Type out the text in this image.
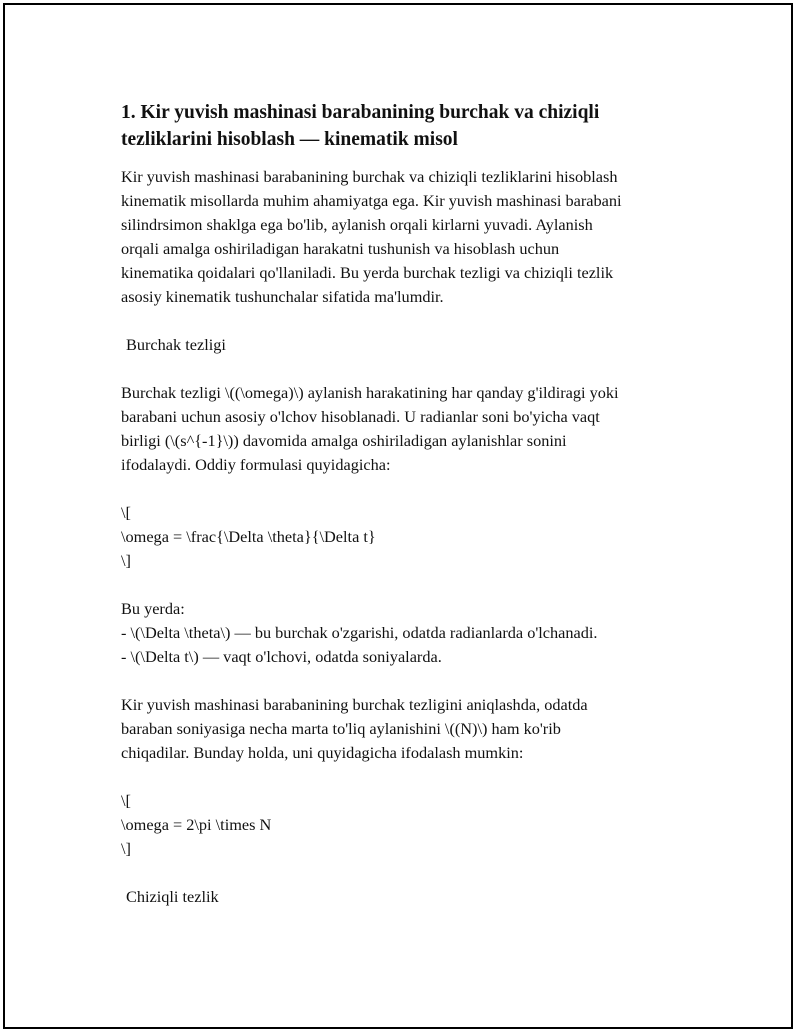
1. Kir yuvish mashinasi barabanining burchak va chiziqli
tezliklarini hisoblash — kinematik misol
Kir yuvish mashinasi barabanining burchak va chiziqli tezliklarini hisoblash
kinematik misollarda muhim ahamiyatga ega. Kir yuvish mashinasi barabani
silindrsimon shaklga ega bo'lib, aylanish orqali kirlarni yuvadi. Aylanish
orqali amalga oshiriladigan harakatni tushunish va hisoblash uchun
kinematika qoidalari qo'llaniladi. Bu yerda burchak tezligi va chiziqli tezlik
asosiy kinematik tushunchalar sifatida ma'lumdir.
Burchak tezligi
Burchak tezligi \((\omega)\) aylanish harakatining har qanday g'ildiragi yoki
barabani uchun asosiy o'lchov hisoblanadi. U radianlar soni bo'yicha vaqt
birligi (\(s^{-1}\)) davomida amalga oshiriladigan aylanishlar sonini
ifodalaydi. Oddiy formulasi quyidagicha:
\[
\omega = \frac{\Delta \theta}{\Delta t}
\]
Bu yerda:
- \(\Delta \theta\) — bu burchak o'zgarishi, odatda radianlarda o'lchanadi.
- \(\Delta t\) — vaqt o'lchovi, odatda soniyalarda.
Kir yuvish mashinasi barabanining burchak tezligini aniqlashda, odatda
baraban soniyasiga necha marta to'liq aylanishini \((N)\) ham ko'rib
chiqadilar. Bunday holda, uni quyidagicha ifodalash mumkin:
\[
\omega = 2\pi \times N
\]
Chiziqli tezlik
